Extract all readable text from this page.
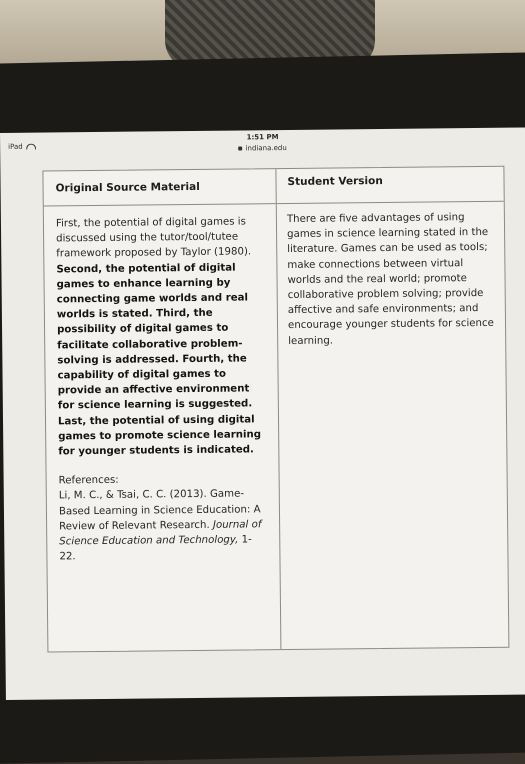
iPad
1:51 PM
indiana.edu
Original Source Material

First, the potential of digital games is discussed using the tutor/tool/tutee framework proposed by Taylor (1980). Second, the potential of digital games to enhance learning by connecting game worlds and real worlds is stated. Third, the possibility of digital games to facilitate collaborative problem-solving is addressed. Fourth, the capability of digital games to provide an affective environment for science learning is suggested. Last, the potential of using digital games to promote science learning for younger students is indicated.

References:
Li, M. C., & Tsai, C. C. (2013). Game-Based Learning in Science Education: A Review of Relevant Research. Journal of Science Education and Technology, 1-22.
Student Version

There are five advantages of using games in science learning stated in the literature. Games can be used as tools; make connections between virtual worlds and the real world; promote collaborative problem solving; provide affective and safe environments; and encourage younger students for science learning.
